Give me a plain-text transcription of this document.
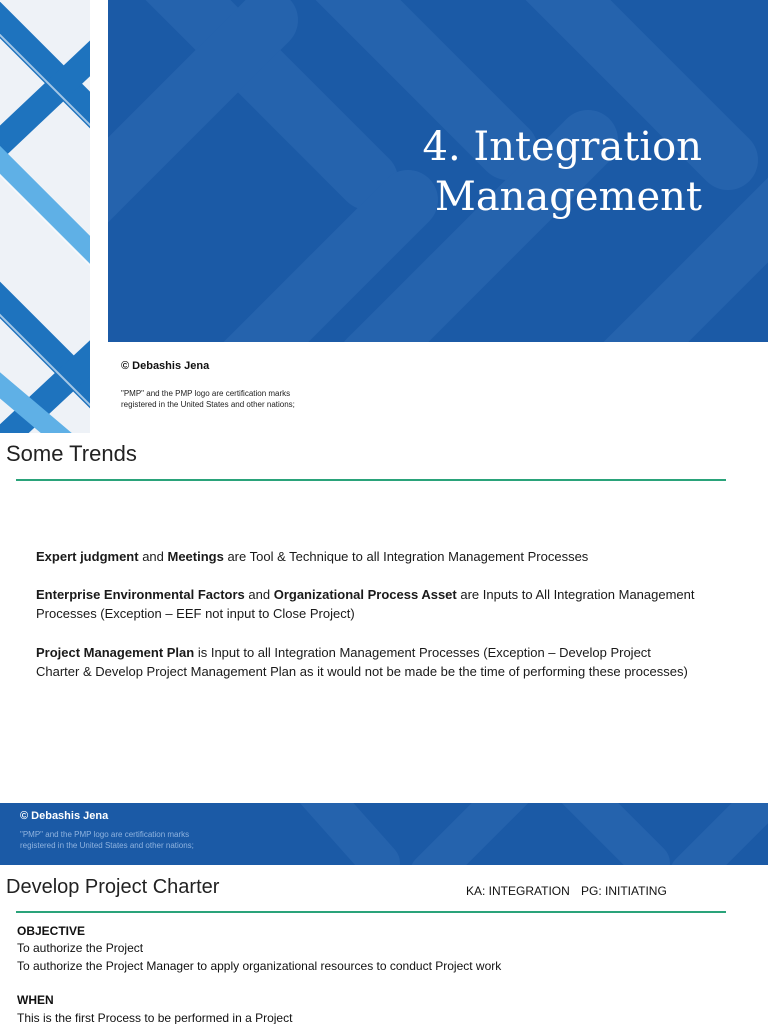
4. Integration
Management
© Debashis Jena
"PMP" and the PMP logo are certification marks
registered in the United States and other nations;
Some Trends

Expert judgment and Meetings are Tool & Technique to all Integration Management Processes

Enterprise Environmental Factors and Organizational Process Asset are Inputs to All Integration Management Processes (Exception – EEF not input to Close Project)

Project Management Plan is Input to all Integration Management Processes (Exception – Develop Project Charter & Develop Project Management Plan as it would not be made be the time of performing these processes)

© Debashis Jena
"PMP" and the PMP logo are certification marks
registered in the United States and other nations;
Develop Project Charter	KA: INTEGRATION PG: INITIATING
OBJECTIVE
To authorize the Project
To authorize the Project Manager to apply organizational resources to conduct Project work
WHEN
This is the first Process to be performed in a Project
